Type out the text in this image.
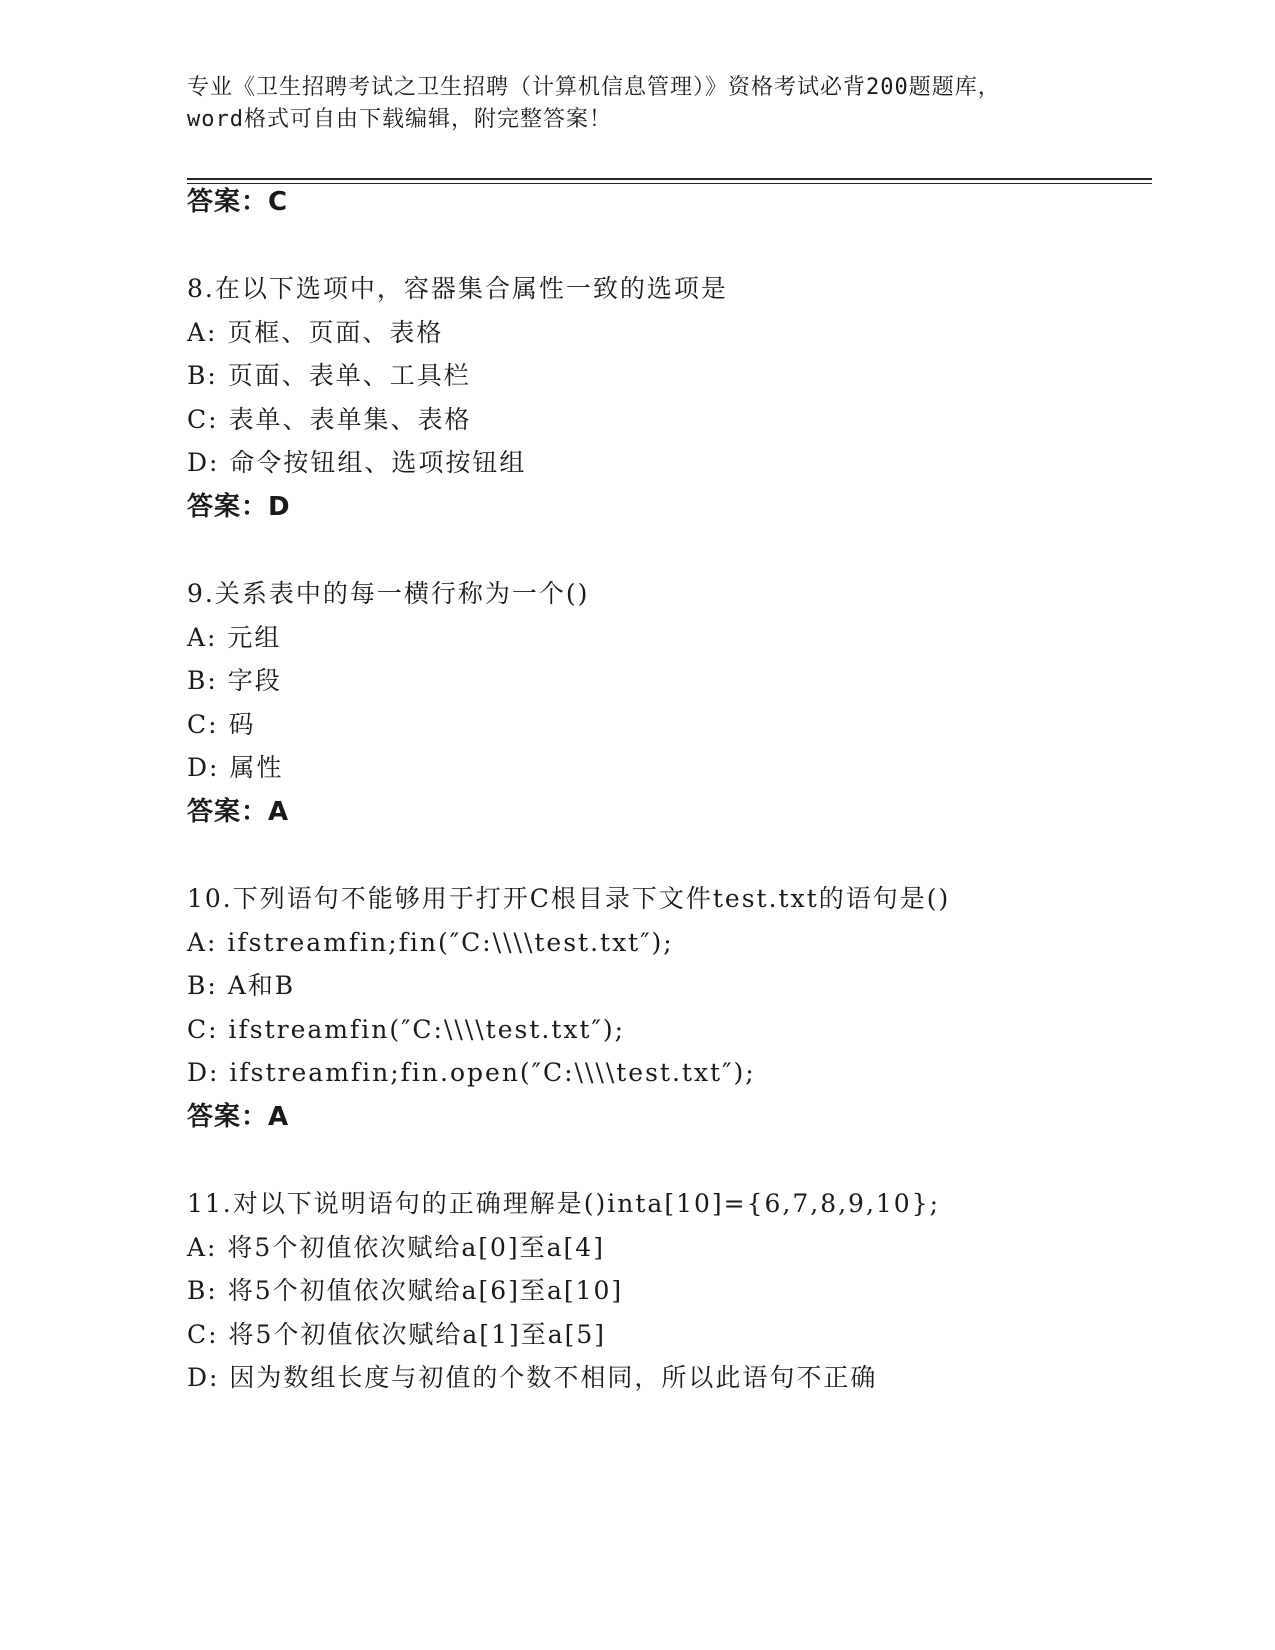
专业《卫生招聘考试之卫生招聘（计算机信息管理）》资格考试必背200题题库，
word格式可自由下载编辑，附完整答案！
答案：C
8.在以下选项中，容器集合属性一致的选项是
A: 页框、页面、表格
B: 页面、表单、工具栏
C: 表单、表单集、表格
D: 命令按钮组、选项按钮组
答案：D
9.关系表中的每一横行称为一个()
A: 元组
B: 字段
C: 码
D: 属性
答案：A
10.下列语句不能够用于打开C根目录下文件test.txt的语句是()
A: ifstreamfin;fin(″C:\\\\test.txt″);
B: A和B
C: ifstreamfin(″C:\\\\test.txt″);
D: ifstreamfin;fin.open(″C:\\\\test.txt″);
答案：A
11.对以下说明语句的正确理解是()inta[10]={6,7,8,9,10};
A: 将5个初值依次赋给a[0]至a[4]
B: 将5个初值依次赋给a[6]至a[10]
C: 将5个初值依次赋给a[1]至a[5]
D: 因为数组长度与初值的个数不相同，所以此语句不正确
